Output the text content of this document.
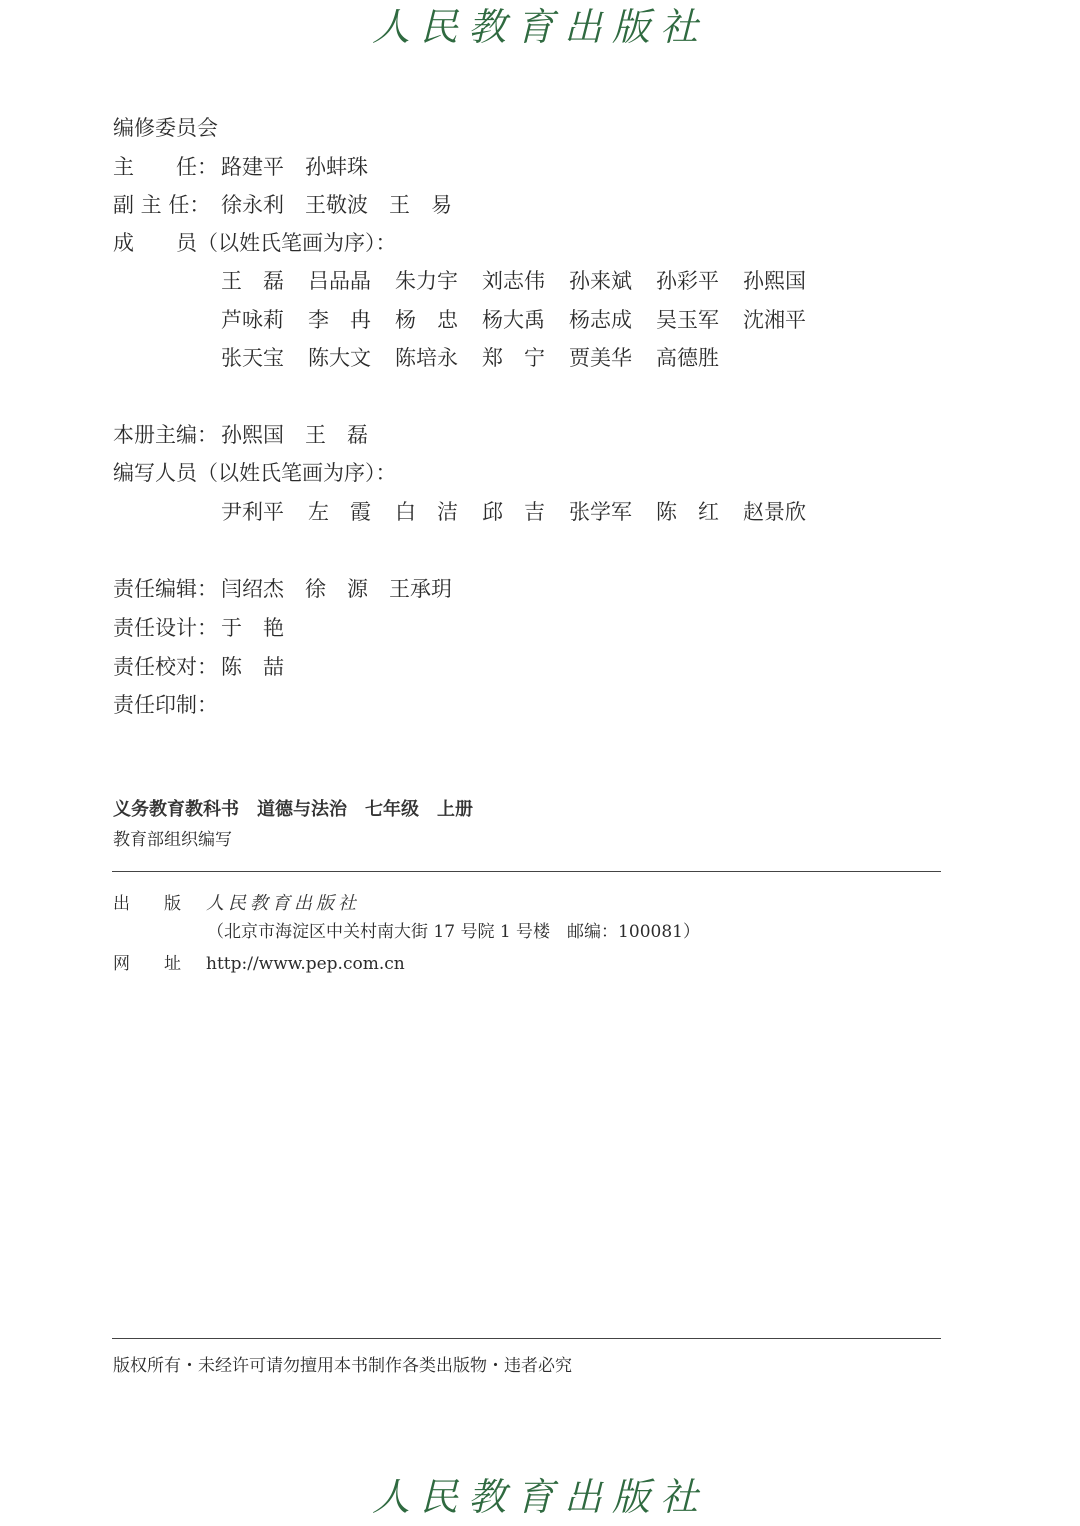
人民教育出版社
编修委员会
主　　任： 路建平　孙蚌珠
副 主 任： 徐永利　王敬波　王　易
成　　员（以姓氏笔画为序）：
王　磊 吕品晶 朱力宇 刘志伟 孙来斌 孙彩平 孙熙国
芦咏莉 李　冉 杨　忠 杨大禹 杨志成 吴玉军 沈湘平
张天宝 陈大文 陈培永 郑　宁 贾美华 高德胜
本册主编： 孙熙国　王　磊
编写人员（以姓氏笔画为序）：
尹利平 左　霞 白　洁 邱　吉 张学军 陈　红 赵景欣
责任编辑： 闫绍杰　徐　源　王承玥
责任设计： 于　艳
责任校对： 陈　喆
责任印制：
义务教育教科书 道德与法治 七年级 上册
教育部组织编写
出　　版 人民教育出版社
（北京市海淀区中关村南大街 17 号院 1 号楼　邮编：100081）
网　　址 http://www.pep.com.cn
版权所有・未经许可请勿擅用本书制作各类出版物・违者必究
人民教育出版社
